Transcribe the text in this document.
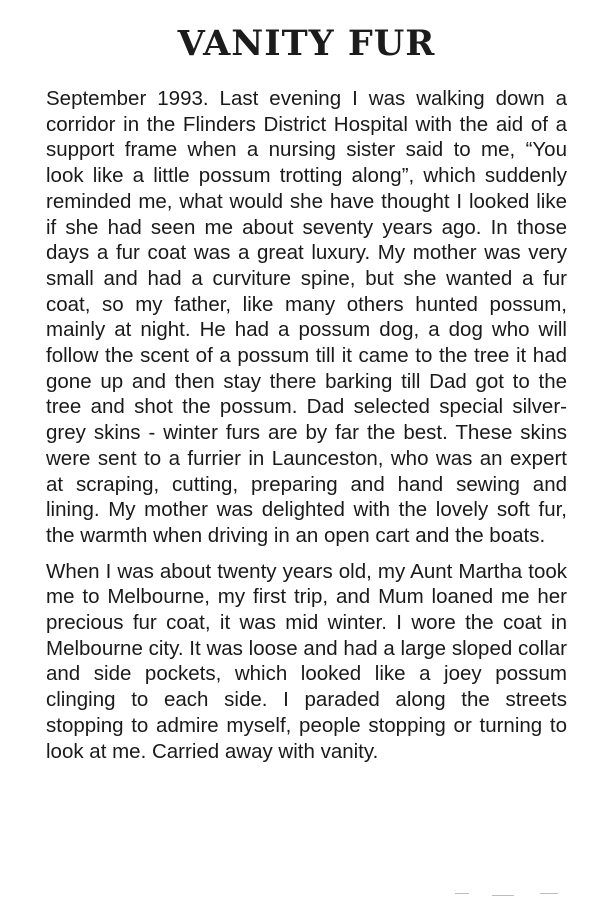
VANITY FUR

September 1993. Last evening I was walking down a corridor in the Flinders District Hospital with the aid of a support frame when a nursing sister said to me, “You look like a little possum trotting along”, which suddenly reminded me, what would she have thought I looked like if she had seen me about seventy years ago. In those days a fur coat was a great luxury. My mother was very small and had a curviture spine, but she wanted a fur coat, so my father, like many others hunted possum, mainly at night. He had a possum dog, a dog who will follow the scent of a possum till it came to the tree it had gone up and then stay there barking till Dad got to the tree and shot the possum. Dad selected special silver-grey skins - winter furs are by far the best. These skins were sent to a furrier in Launceston, who was an expert at scraping, cutting, preparing and hand sewing and lining. My mother was delighted with the lovely soft fur, the warmth when driving in an open cart and the boats.

When I was about twenty years old, my Aunt Martha took me to Melbourne, my first trip, and Mum loaned me her precious fur coat, it was mid winter. I wore the coat in Melbourne city. It was loose and had a large sloped collar and side pockets, which looked like a joey possum clinging to each side. I paraded along the streets stopping to admire myself, people stopping or turning to look at me. Carried away with vanity.
